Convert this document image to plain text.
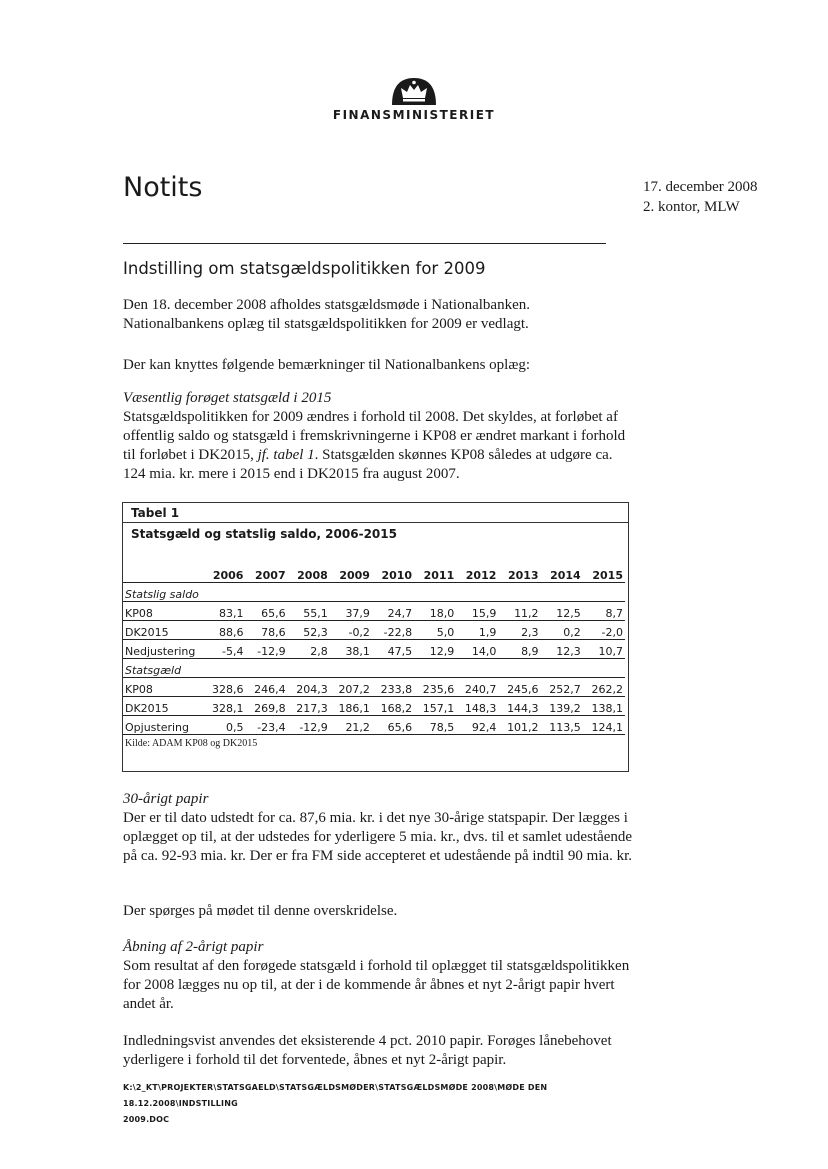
FINANSMINISTERIET
Notits	17. december 2008
2. kontor, MLW
Indstilling om statsgældspolitikken for 2009

Den 18. december 2008 afholdes statsgældsmøde i Nationalbanken. Nationalbankens oplæg til statsgældspolitikken for 2009 er vedlagt.

Der kan knyttes følgende bemærkninger til Nationalbankens oplæg:

Væsentlig forøget statsgæld i 2015

Statsgældspolitikken for 2009 ændres i forhold til 2008. Det skyldes, at forløbet af offentlig saldo og statsgæld i fremskrivningerne i KP08 er ændret markant i forhold til forløbet i DK2015, jf. tabel 1. Statsgælden skønnes KP08 således at udgøre ca. 124 mia. kr. mere i 2015 end i DK2015 fra august 2007.

Tabel 1
Statsgæld og statslig saldo, 2006-2015
	2006	2007	2008	2009	2010	2011	2012	2013	2014	2015
Statslig saldo										
KP08	83,1	65,6	55,1	37,9	24,7	18,0	15,9	11,2	12,5	8,7
DK2015	88,6	78,6	52,3	-0,2	-22,8	5,0	1,9	2,3	0,2	-2,0
Nedjustering	-5,4	-12,9	2,8	38,1	47,5	12,9	14,0	8,9	12,3	10,7
Statsgæld										
KP08	328,6	246,4	204,3	207,2	233,8	235,6	240,7	245,6	252,7	262,2
DK2015	328,1	269,8	217,3	186,1	168,2	157,1	148,3	144,3	139,2	138,1
Opjustering	0,5	-23,4	-12,9	21,2	65,6	78,5	92,4	101,2	113,5	124,1
Kilde: ADAM KP08 og DK2015										

30-årigt papir

Der er til dato udstedt for ca. 87,6 mia. kr. i det nye 30-årige statspapir. Der lægges i oplægget op til, at der udstedes for yderligere 5 mia. kr., dvs. til et samlet udestående på ca. 92-93 mia. kr. Der er fra FM side accepteret et udestående på indtil 90 mia. kr.

Der spørges på mødet til denne overskridelse.

Åbning af 2-årigt papir

Som resultat af den forøgede statsgæld i forhold til oplægget til statsgældspolitikken for 2008 lægges nu op til, at der i de kommende år åbnes et nyt 2-årigt papir hvert andet år.

Indledningsvist anvendes det eksisterende 4 pct. 2010 papir. Forøges lånebehovet yderligere i forhold til det forventede, åbnes et nyt 2-årigt papir.

K:\2_KT\PROJEKTER\STATSGAELD\STATSGÆLDSMØDER\STATSGÆLDSMØDE 2008\MØDE DEN 18.12.2008\INDSTILLING
2009.DOC
